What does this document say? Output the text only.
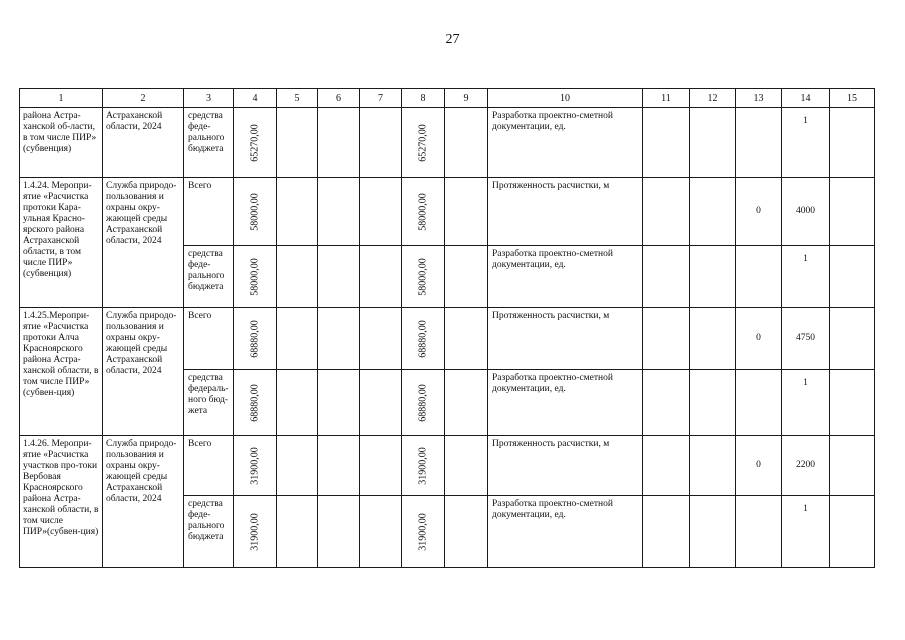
27
1	2	3	4	5	6	7	8	9	10	11	12	13	14	15
района Астра-ханской об-ласти, в том числе ПИР» (субвенция)	Астраханской области, 2024	средства феде-рального бюджета	65270,00				65270,00		Разработка проектно-сметной документации, ед.				1	
1.4.24. Меропри-ятие «Расчистка протоки Кара-ульная Красно-ярского района Астраханской области, в том числе ПИР» (субвенция)	Служба природо-пользования и охраны окру-жающей среды Астраханской области, 2024	Всего	58000,00				58000,00		Протяженность расчистки, м			0	4000	
		средства феде-рального бюджета	58000,00				58000,00		Разработка проектно-сметной документации, ед.				1	
1.4.25.Меропри-ятие «Расчистка протоки Алча Красноярского района Астра-ханской области, в том числе ПИР» (субвен-ция)	Служба природо-пользования и охраны окру-жающей среды Астраханской области, 2024	Всего	68880,00				68880,00		Протяженность расчистки, м			0	4750	
		средства федераль-ного бюд-жета	68880,00				68880,00		Разработка проектно-сметной документации, ед.				1	
1.4.26. Меропри-ятие «Расчистка участков про-токи Вербовая Красноярского района Астра-ханской области, в том числе ПИР»(субвен-ция)	Служба природо-пользования и охраны окру-жающей среды Астраханской области, 2024	Всего	31900,00				31900,00		Протяженность расчистки, м			0	2200	
		средства феде-рального бюджета	31900,00				31900,00		Разработка проектно-сметной документации, ед.				1	
